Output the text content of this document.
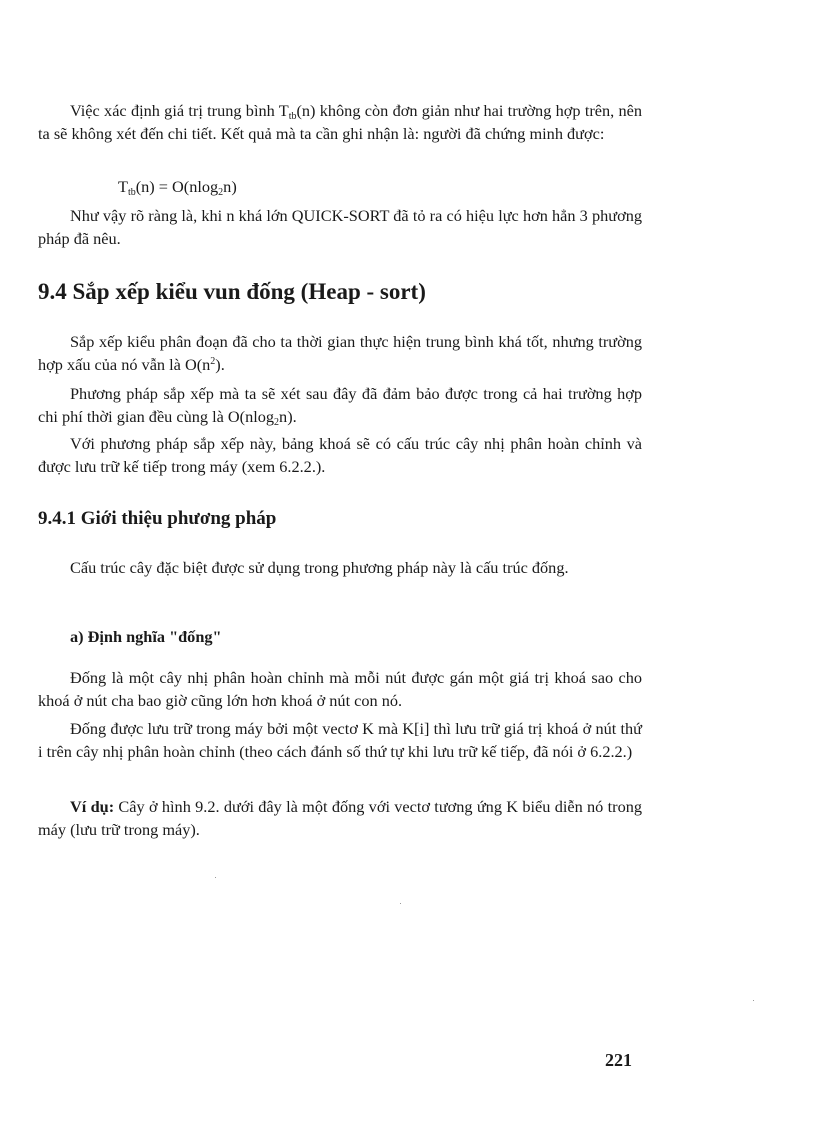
Việc xác định giá trị trung bình $T_{tb}(n)$ không còn đơn giản như hai trường hợp trên, nên ta sẽ không xét đến chi tiết. Kết quả mà ta cần ghi nhận là: người đã chứng minh được:

$T_{tb}(n) = O(nlog_2n)$

Như vậy rõ ràng là, khi n khá lớn QUICK-SORT đã tỏ ra có hiệu lực hơn hẳn 3 phương pháp đã nêu.

9.4 Sắp xếp kiểu vun đống (Heap - sort)

Sắp xếp kiểu phân đoạn đã cho ta thời gian thực hiện trung bình khá tốt, nhưng trường hợp xấu của nó vẫn là $O(n^2)$.

Phương pháp sắp xếp mà ta sẽ xét sau đây đã đảm bảo được trong cả hai trường hợp chi phí thời gian đều cùng là O(nlog$_2$n).

Với phương pháp sắp xếp này, bảng khoá sẽ có cấu trúc cây nhị phân hoàn chỉnh và được lưu trữ kế tiếp trong máy (xem 6.2.2.).

9.4.1 Giới thiệu phương pháp

Cấu trúc cây đặc biệt được sử dụng trong phương pháp này là cấu trúc đống.

a) Định nghĩa "đống"

Đống là một cây nhị phân hoàn chỉnh mà mỗi nút được gán một giá trị khoá sao cho khoá ở nút cha bao giờ cũng lớn hơn khoá ở nút con nó.

Đống được lưu trữ trong máy bởi một vectơ K mà K[i] thì lưu trữ giá trị khoá ở nút thứ i trên cây nhị phân hoàn chỉnh (theo cách đánh số thứ tự khi lưu trữ kế tiếp, đã nói ở 6.2.2.)

Ví dụ: Cây ở hình 9.2. dưới đây là một đống với vectơ tương ứng K biểu diễn nó trong máy (lưu trữ trong máy).

221
